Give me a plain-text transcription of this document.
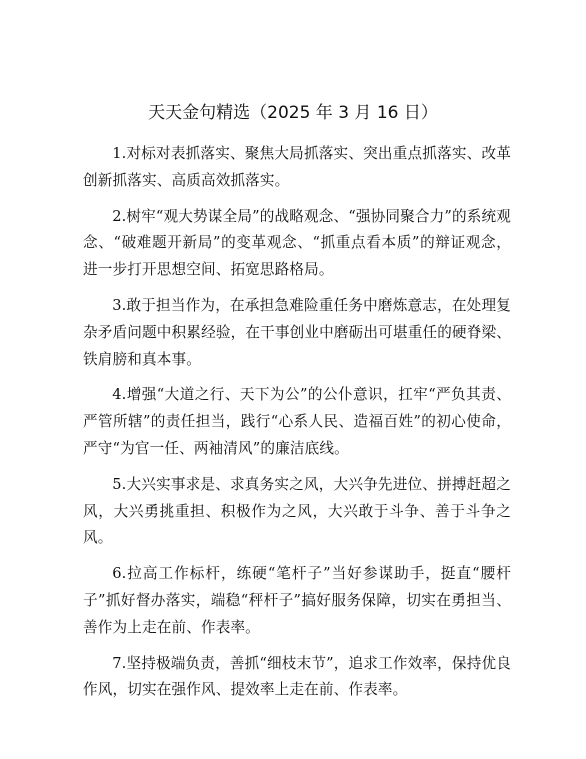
天天金句精选（2025 年 3 月 16 日）

1.对标对表抓落实、聚焦大局抓落实、突出重点抓落实、改革创新抓落实、高质高效抓落实。

2.树牢“观大势谋全局”的战略观念、“强协同聚合力”的系统观念、“破难题开新局”的变革观念、“抓重点看本质”的辩证观念，进一步打开思想空间、拓宽思路格局。

3.敢于担当作为，在承担急难险重任务中磨炼意志，在处理复杂矛盾问题中积累经验，在干事创业中磨砺出可堪重任的硬脊梁、铁肩膀和真本事。

4.增强“大道之行、天下为公”的公仆意识，扛牢“严负其责、严管所辖”的责任担当，践行“心系人民、造福百姓”的初心使命，严守“为官一任、两袖清风”的廉洁底线。

5.大兴实事求是、求真务实之风，大兴争先进位、拼搏赶超之风，大兴勇挑重担、积极作为之风，大兴敢于斗争、善于斗争之风。

6.拉高工作标杆，练硬“笔杆子”当好参谋助手，挺直“腰杆子”抓好督办落实，端稳“秤杆子”搞好服务保障，切实在勇担当、善作为上走在前、作表率。

7.坚持极端负责，善抓“细枝末节”，追求工作效率，保持优良作风，切实在强作风、提效率上走在前、作表率。
